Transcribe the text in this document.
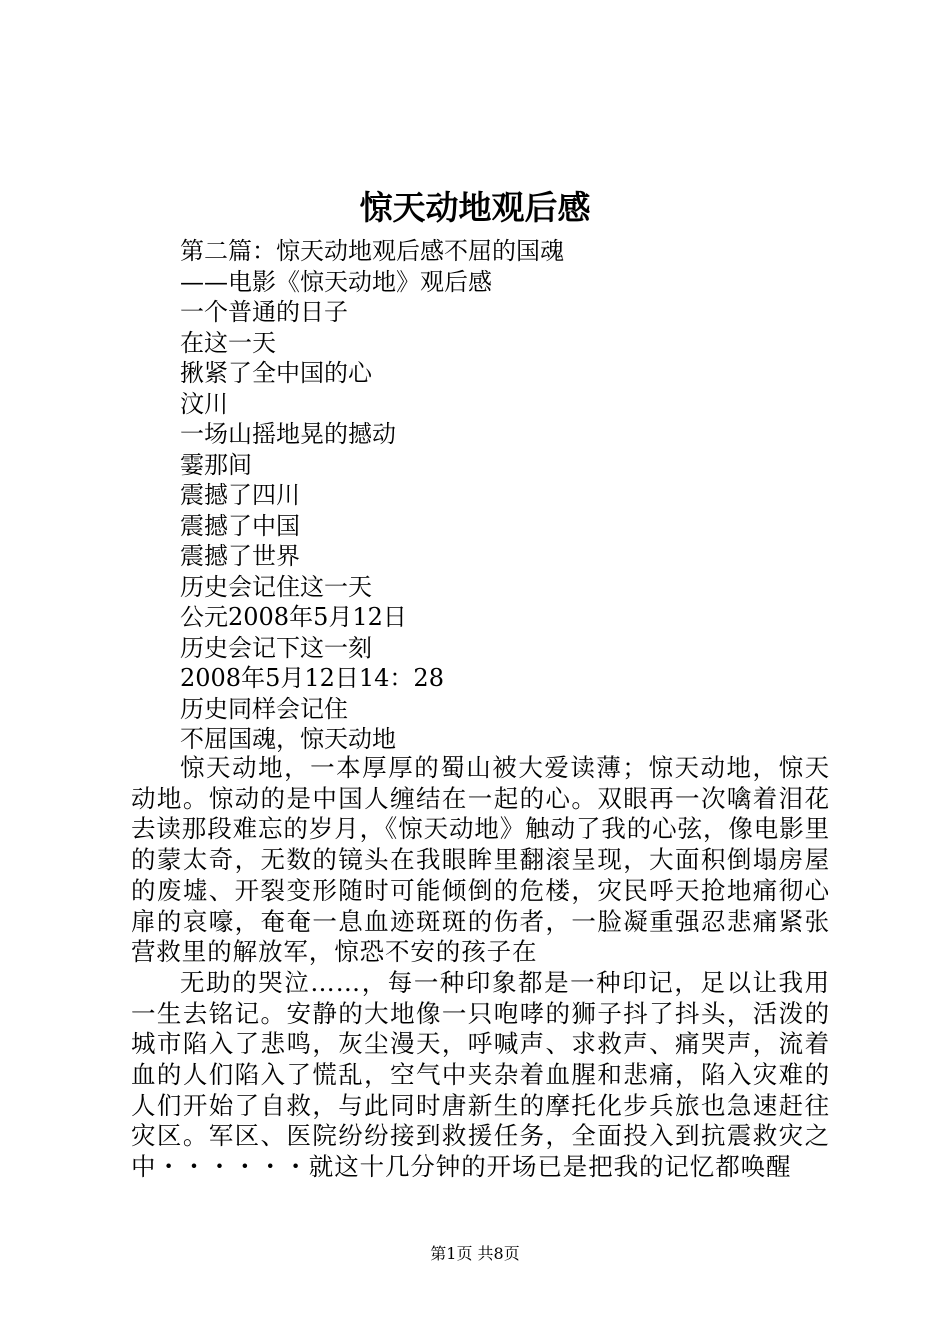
惊天动地观后感
第二篇：惊天动地观后感不屈的国魂
——电影《惊天动地》观后感
一个普通的日子
在这一天
揪紧了全中国的心
汶川
一场山摇地晃的撼动
霎那间
震撼了四川
震撼了中国
震撼了世界
历史会记住这一天
公元2008年5月12日
历史会记下这一刻
2008年5月12日14：28
历史同样会记住
不屈国魂，惊天动地

惊天动地，一本厚厚的蜀山被大爱读薄；惊天动地，惊天动地。惊动的是中国人缠结在一起的心。双眼再一次噙着泪花去读那段难忘的岁月，《惊天动地》触动了我的心弦，像电影里的蒙太奇，无数的镜头在我眼眸里翻滚呈现，大面积倒塌房屋的废墟、开裂变形随时可能倾倒的危楼，灾民呼天抢地痛彻心扉的哀嚎，奄奄一息血迹斑斑的伤者，一脸凝重强忍悲痛紧张营救里的解放军，惊恐不安的孩子在

无助的哭泣……，每一种印象都是一种印记，足以让我用一生去铭记。安静的大地像一只咆哮的狮子抖了抖头，活泼的城市陷入了悲鸣，灰尘漫天，呼喊声、求救声、痛哭声，流着血的人们陷入了慌乱，空气中夹杂着血腥和悲痛，陷入灾难的人们开始了自救，与此同时唐新生的摩托化步兵旅也急速赶往灾区。军区、医院纷纷接到救援任务，全面投入到抗震救灾之中・・・・・・就这十几分钟的开场已是把我的记忆都唤醒

第1页 共8页
